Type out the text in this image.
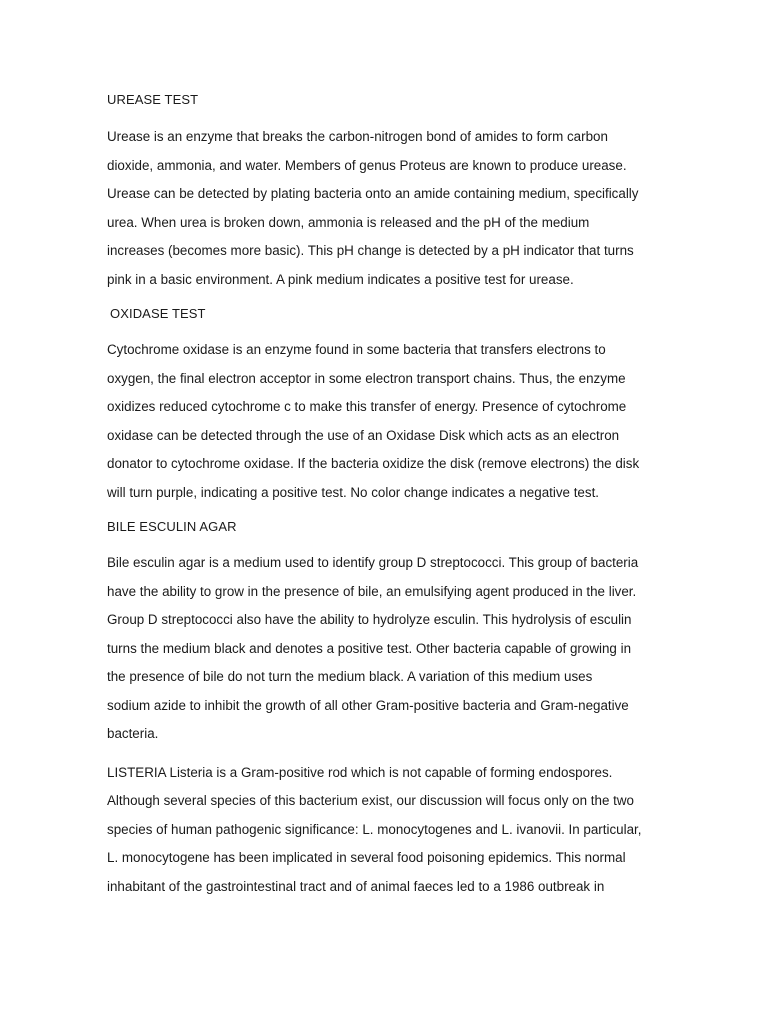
UREASE TEST
Urease is an enzyme that breaks the carbon-nitrogen bond of amides to form carbon
dioxide, ammonia, and water. Members of genus Proteus are known to produce urease.
Urease can be detected by plating bacteria onto an amide containing medium, specifically
urea. When urea is broken down, ammonia is released and the pH of the medium
increases (becomes more basic). This pH change is detected by a pH indicator that turns
pink in a basic environment. A pink medium indicates a positive test for urease.
OXIDASE TEST
Cytochrome oxidase is an enzyme found in some bacteria that transfers electrons to
oxygen, the final electron acceptor in some electron transport chains. Thus, the enzyme
oxidizes reduced cytochrome c to make this transfer of energy. Presence of cytochrome
oxidase can be detected through the use of an Oxidase Disk which acts as an electron
donator to cytochrome oxidase. If the bacteria oxidize the disk (remove electrons) the disk
will turn purple, indicating a positive test. No color change indicates a negative test.
BILE ESCULIN AGAR
Bile esculin agar is a medium used to identify group D streptococci. This group of bacteria
have the ability to grow in the presence of bile, an emulsifying agent produced in the liver.
Group D streptococci also have the ability to hydrolyze esculin. This hydrolysis of esculin
turns the medium black and denotes a positive test. Other bacteria capable of growing in
the presence of bile do not turn the medium black. A variation of this medium uses
sodium azide to inhibit the growth of all other Gram-positive bacteria and Gram-negative
bacteria.
LISTERIA Listeria is a Gram-positive rod which is not capable of forming endospores.
Although several species of this bacterium exist, our discussion will focus only on the two
species of human pathogenic significance: L. monocytogenes and L. ivanovii. In particular,
L. monocytogene has been implicated in several food poisoning epidemics. This normal
inhabitant of the gastrointestinal tract and of animal faeces led to a 1986 outbreak in
